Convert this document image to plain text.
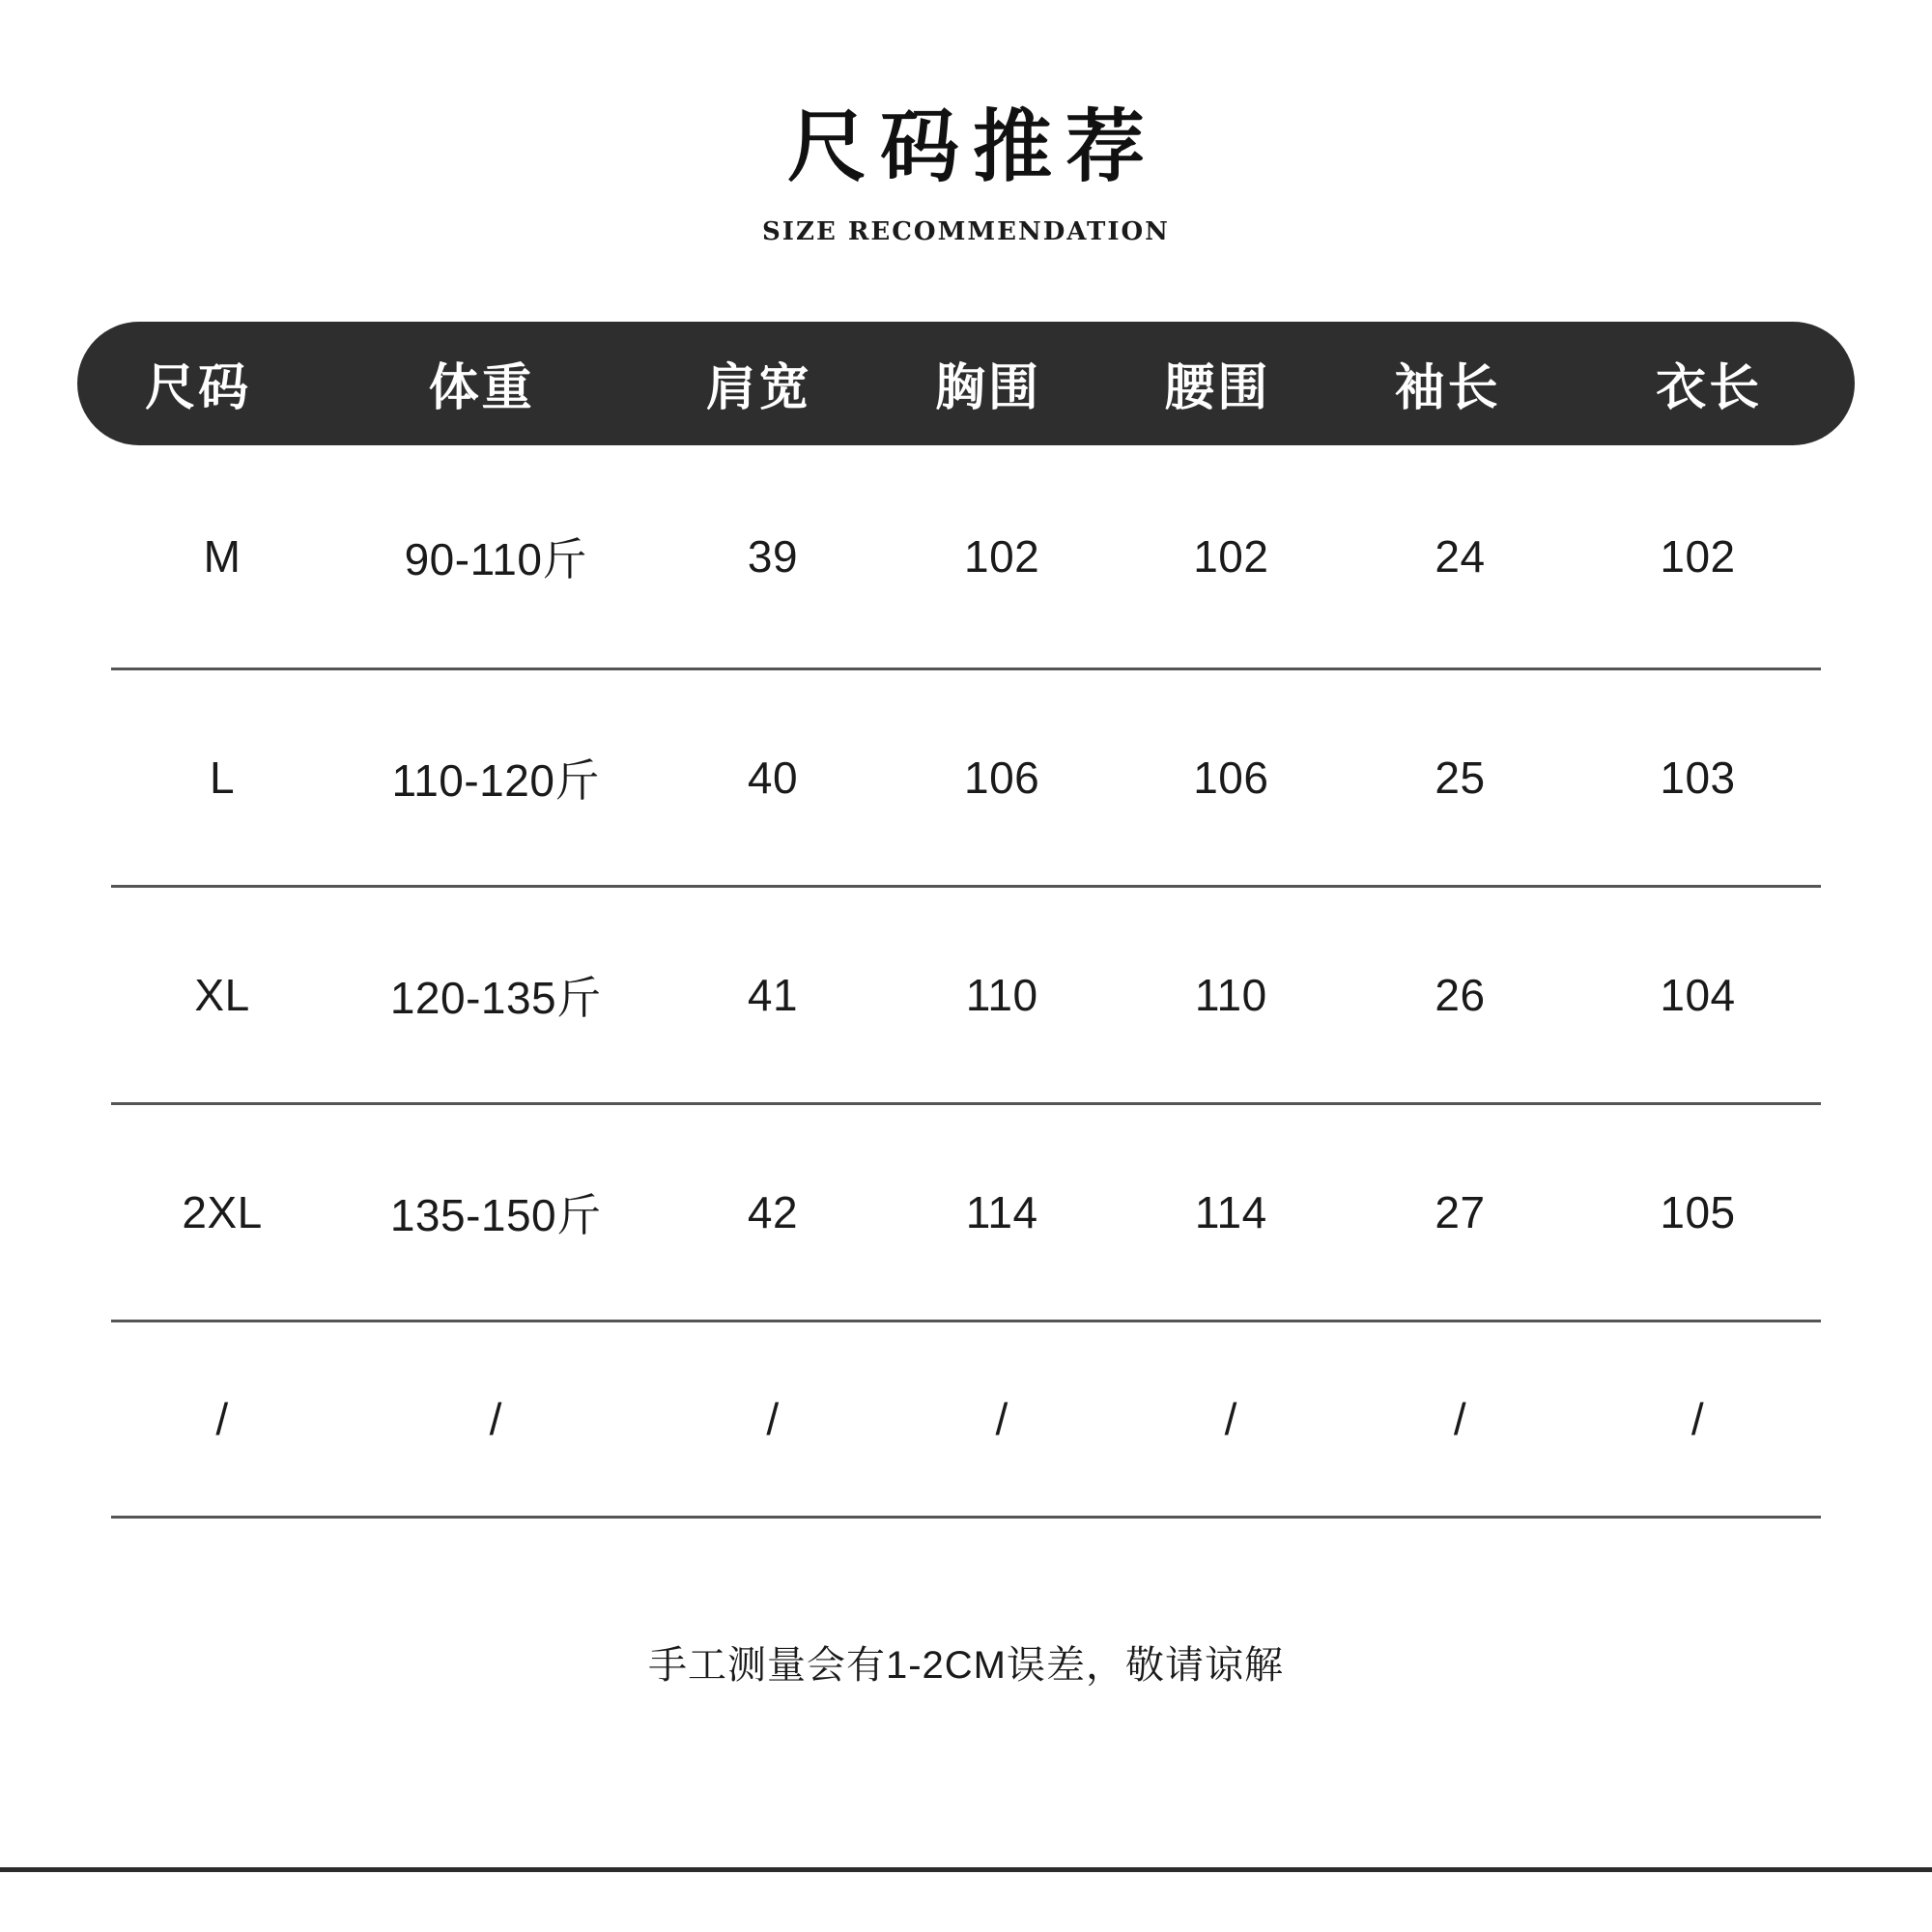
尺码推荐
SIZE RECOMMENDATION
尺码	体重	肩宽	胸围	腰围	袖长	衣长
M	90-110斤	39	102	102	24	102
L	110-120斤	40	106	106	25	103
XL	120-135斤	41	110	110	26	104
2XL	135-150斤	42	114	114	27	105
/	/	/	/	/	/	/
手工测量会有1-2CM误差，敬请谅解
